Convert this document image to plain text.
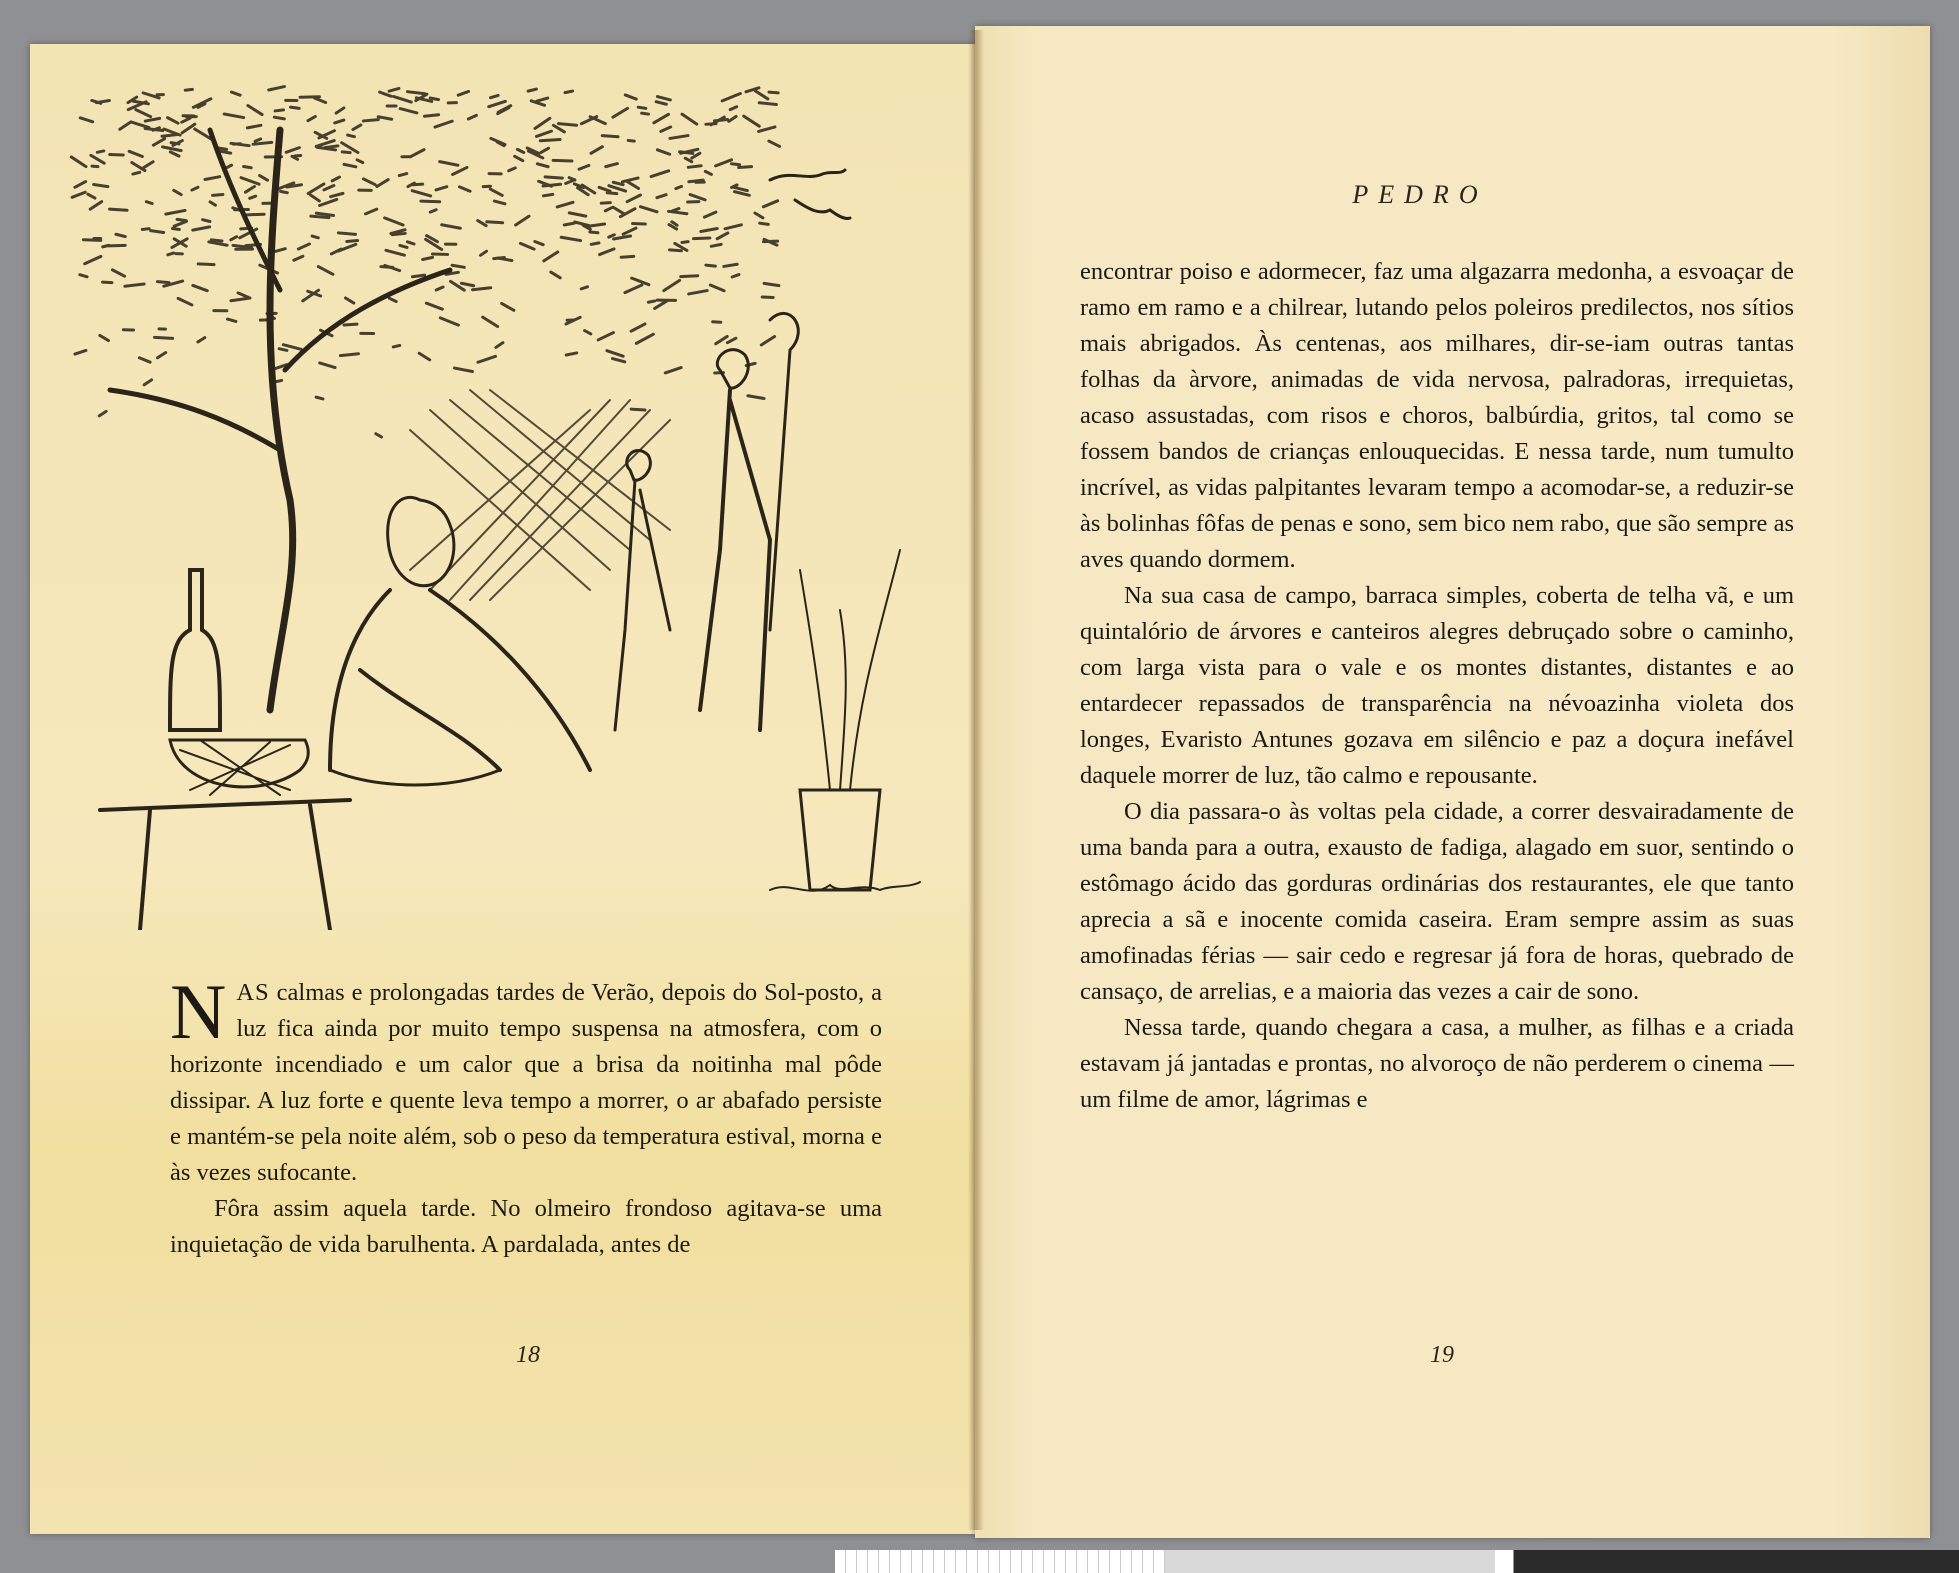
PEDRO

NAS calmas e prolongadas tardes de Verão, depois do Sol-posto, a luz fica ainda por muito tempo suspensa na atmosfera, com o horizonte incendiado e um calor que a brisa da noitinha mal pôde dissipar. A luz forte e quente leva tempo a morrer, o ar abafado persiste e mantém-se pela noite além, sob o peso da temperatura estival, morna e às vezes sufocante.

Fôra assim aquela tarde. No olmeiro frondoso agitava-se uma inquietação de vida barulhenta. A pardalada, antes de

encontrar poiso e adormecer, faz uma algazarra medonha, a esvoaçar de ramo em ramo e a chilrear, lutando pelos poleiros predilectos, nos sítios mais abrigados. Às centenas, aos milhares, dir-se-iam outras tantas folhas da àrvore, animadas de vida nervosa, palradoras, irrequietas, acaso assustadas, com risos e choros, balbúrdia, gritos, tal como se fossem bandos de crianças enlouquecidas. E nessa tarde, num tumulto incrível, as vidas palpitantes levaram tempo a acomodar-se, a reduzir-se às bolinhas fôfas de penas e sono, sem bico nem rabo, que são sempre as aves quando dormem.

Na sua casa de campo, barraca simples, coberta de telha vã, e um quintalório de árvores e canteiros alegres debruçado sobre o caminho, com larga vista para o vale e os montes distantes, distantes e ao entardecer repassados de transparência na névoazinha violeta dos longes, Evaristo Antunes gozava em silêncio e paz a doçura inefável daquele morrer de luz, tão calmo e repousante.

O dia passara-o às voltas pela cidade, a correr desvairadamente de uma banda para a outra, exausto de fadiga, alagado em suor, sentindo o estômago ácido das gorduras ordinárias dos restaurantes, ele que tanto aprecia a sã e inocente comida caseira. Eram sempre assim as suas amofinadas férias — sair cedo e regresar já fora de horas, quebrado de cansaço, de arrelias, e a maioria das vezes a cair de sono.

Nessa tarde, quando chegara a casa, a mulher, as filhas e a criada estavam já jantadas e prontas, no alvoroço de não perderem o cinema — um filme de amor, lágrimas e

18	19
